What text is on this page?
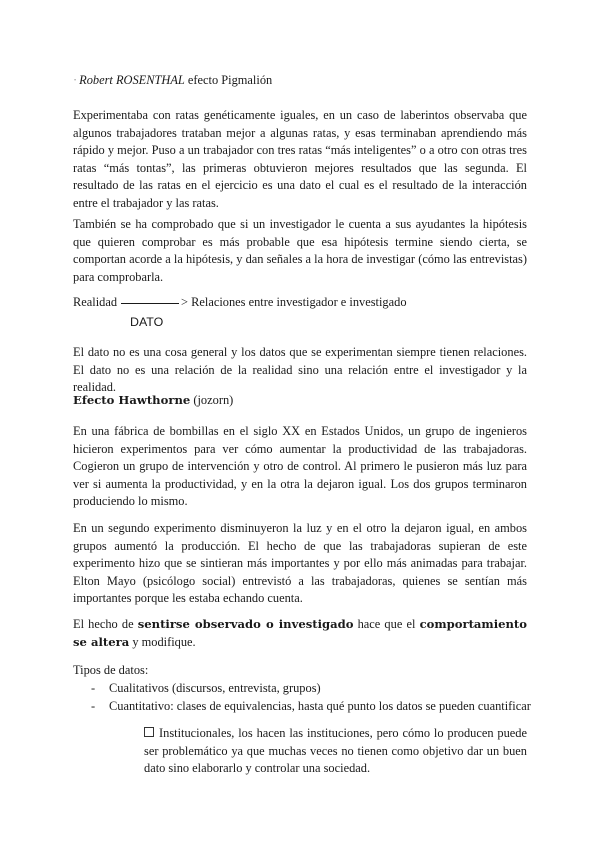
· Robert ROSENTHAL efecto Pigmalión

Experimentaba con ratas genéticamente iguales, en un caso de laberintos observaba que algunos trabajadores trataban mejor a algunas ratas, y esas terminaban aprendiendo más rápido y mejor. Puso a un trabajador con tres ratas “más inteligentes” o a otro con otras tres ratas “más tontas”, las primeras obtuvieron mejores resultados que las segunda. El resultado de las ratas en el ejercicio es una dato el cual es el resultado de la interacción entre el trabajador y las ratas.

También se ha comprobado que si un investigador le cuenta a sus ayudantes la hipótesis que quieren comprobar es más probable que esa hipótesis termine siendo cierta, se comportan acorde a la hipótesis, y dan señales a la hora de investigar (cómo las entrevistas) para comprobarla.

Realidad	> Relaciones entre investigador e investigado
DATO

El dato no es una cosa general y los datos que se experimentan siempre tienen relaciones. El dato no es una relación de la realidad sino una relación entre el investigador y la realidad.

Efecto Hawthorne (jozorn)

En una fábrica de bombillas en el siglo XX en Estados Unidos, un grupo de ingenieros hicieron experimentos para ver cómo aumentar la productividad de las trabajadoras. Cogieron un grupo de intervención y otro de control. Al primero le pusieron más luz para ver si aumenta la productividad, y en la otra la dejaron igual. Los dos grupos terminaron produciendo lo mismo.

En un segundo experimento disminuyeron la luz y en el otro la dejaron igual, en ambos grupos aumentó la producción. El hecho de que las trabajadoras supieran de este experimento hizo que se sintieran más importantes y por ello más animadas para trabajar. Elton Mayo (psicólogo social) entrevistó a las trabajadoras, quienes se sentían más importantes porque les estaba echando cuenta.

El hecho de sentirse observado o investigado hace que el comportamiento se altera y modifique.

Tipos de datos:
- Cualitativos (discursos, entrevista, grupos)
- Cuantitativo: clases de equivalencias, hasta qué punto los datos se pueden cuantificar

Institucionales, los hacen las instituciones, pero cómo lo producen puede ser problemático ya que muchas veces no tienen como objetivo dar un buen dato sino elaborarlo y controlar una sociedad.
